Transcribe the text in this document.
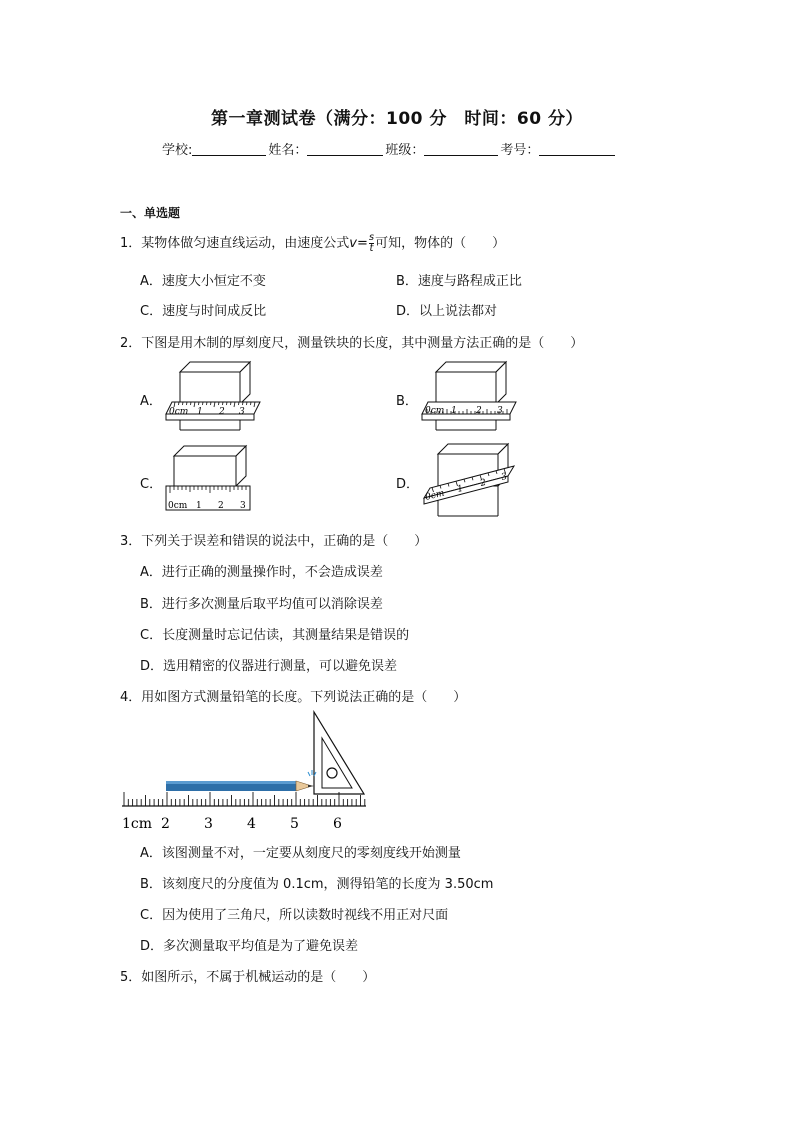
第一章测试卷（满分：100 分　时间：60 分）
学校:	姓名：	班级：	考号：
一、单选题
1．某物体做匀速直线运动，由速度公式$v= \frac{s}{t}$ 可知，物体的（　　）
A．速度大小恒定不变	B．速度与路程成正比
C．速度与时间成反比	D．以上说法都对
2．下图是用木制的厚刻度尺，测量铁块的长度，其中测量方法正确的是（　　）
A．
0cm 1 2 3
B．
0cm 1 2 3
C．
0cm 1 2 3
D．
0cm 1
2
3
3．下列关于误差和错误的说法中，正确的是（　　）
A．进行正确的测量操作时，不会造成误差
B．进行多次测量后取平均值可以消除误差
C．长度测量时忘记估读，其测量结果是错误的
D．选用精密的仪器进行测量，可以避免误差
4．用如图方式测量铅笔的长度。下列说法正确的是（　　）
1cm 2 3 4 5 6
A．该图测量不对，一定要从刻度尺的零刻度线开始测量
B．该刻度尺的分度值为 0.1cm，测得铅笔的长度为 3.50cm
C．因为使用了三角尺，所以读数时视线不用正对尺面
D．多次测量取平均值是为了避免误差
5．如图所示，不属于机械运动的是（　　）
